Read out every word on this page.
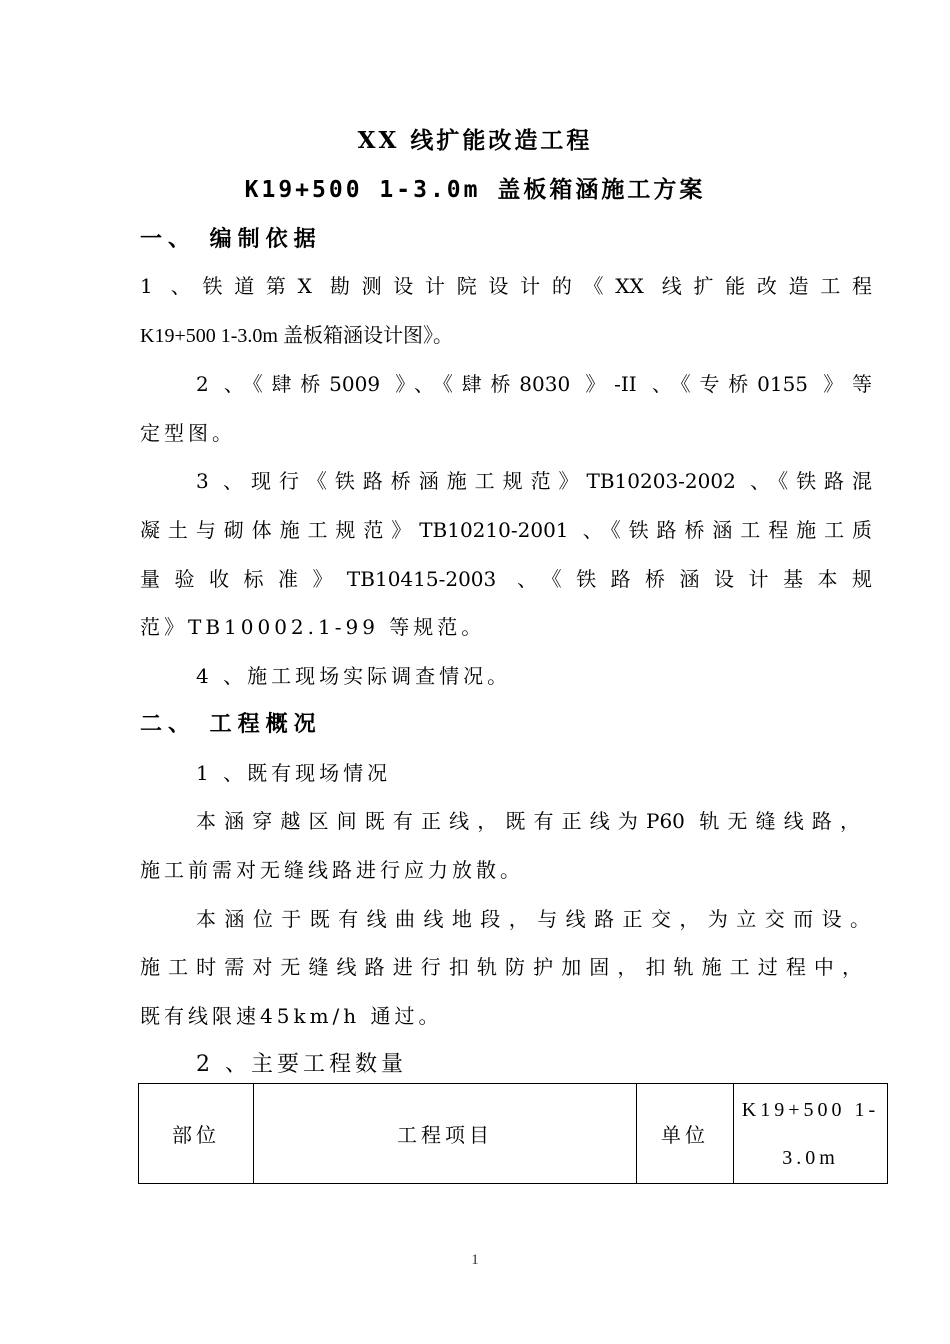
XX 线扩能改造工程
K19+500 1-3.0m 盖板箱涵施工方案
一、 编制依据
1 、铁道第X 勘测设计院设计的《XX 线扩能改造工程
K19+500 1-3.0m 盖板箱涵设计图》。
2 、《肆桥5009 》、《肆桥8030 》-II 、《专桥0155 》等
定型图。
3 、现行《铁路桥涵施工规范》TB10203-2002 、《铁路混
凝土与砌体施工规范》TB10210-2001 、《铁路桥涵工程施工质
量验收标准》TB10415-2003 、《铁路桥涵设计基本规
范》TB10002.1-99 等规范。
4 、施工现场实际调查情况。
二、 工程概况
1 、既有现场情况
本涵穿越区间既有正线，既有正线为P60 轨无缝线路，
施工前需对无缝线路进行应力放散。
本涵位于既有线曲线地段，与线路正交，为立交而设。
施工时需对无缝线路进行扣轨防护加固，扣轨施工过程中，
既有线限速45km/h 通过。
2 、主要工程数量
部位	工程项目	单位	K19+500 1-
3.0m
1
